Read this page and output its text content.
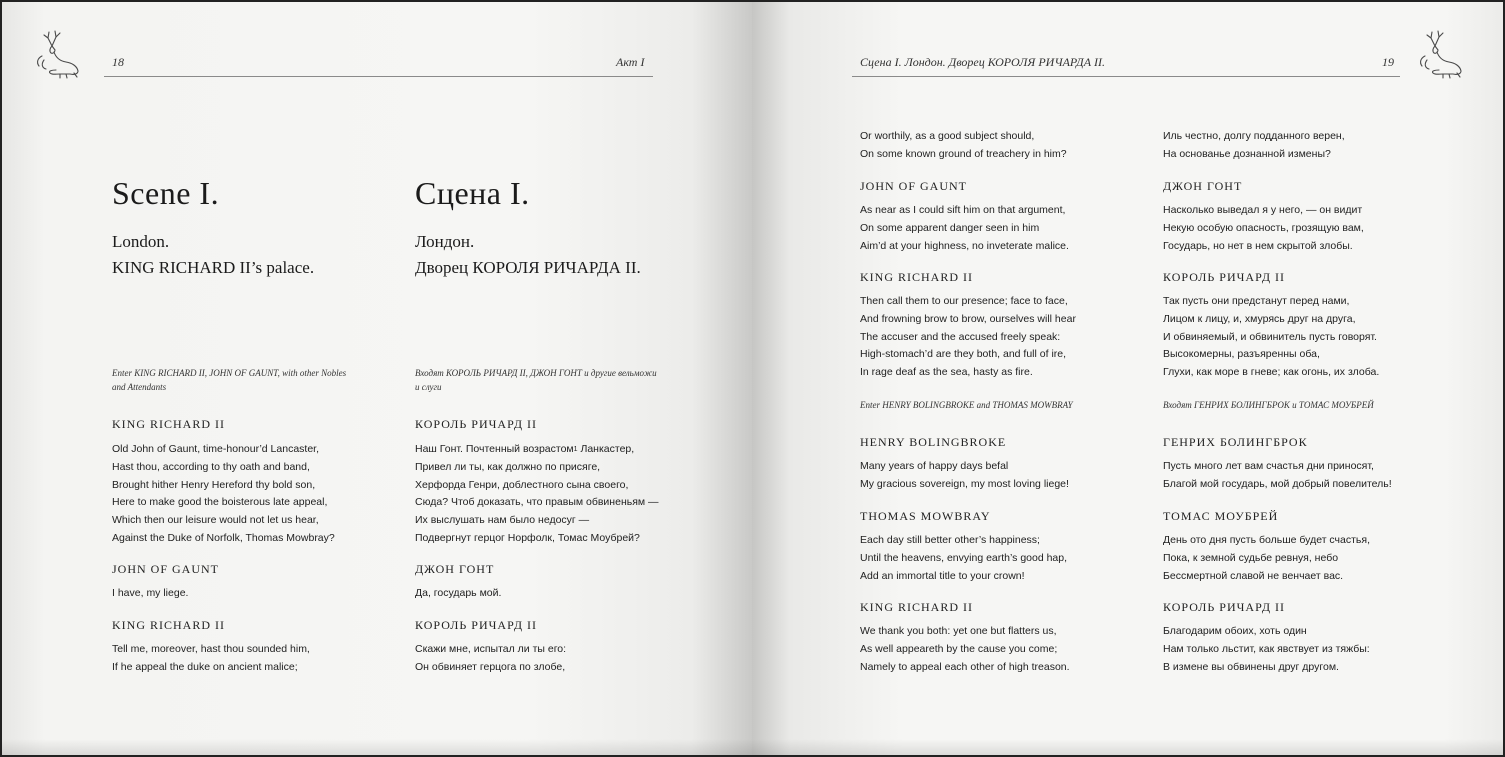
18	Акт I
Scene I.
London.
KING RICHARD II’s palace.
Enter KING RICHARD II, JOHN OF GAUNT, with other Nobles
and Attendants
KING RICHARD II
Old John of Gaunt, time-honour’d Lancaster,
Hast thou, according to thy oath and band,
Brought hither Henry Hereford thy bold son,
Here to make good the boisterous late appeal,
Which then our leisure would not let us hear,
Against the Duke of Norfolk, Thomas Mowbray?
JOHN OF GAUNT
I have, my liege.
KING RICHARD II
Tell me, moreover, hast thou sounded him,
If he appeal the duke on ancient malice;
Сцена I.
Лондон.
Дворец КОРОЛЯ РИЧАРДА II.
Входят КОРОЛЬ РИЧАРД II, ДЖОН ГОНТ и другие вельможи
и слуги
КОРОЛЬ РИЧАРД II
Наш Гонт. Почтенный возрастом$^1$ Ланкастер,
Привел ли ты, как должно по присяге,
Херфорда Генри, доблестного сына своего,
Сюда? Чтоб доказать, что правым обвиненьям —
Их выслушать нам было недосуг —
Подвергнут герцог Норфолк, Томас Моубрей?
ДЖОН ГОНТ
Да, государь мой.
КОРОЛЬ РИЧАРД II
Скажи мне, испытал ли ты его:
Он обвиняет герцога по злобе,
Сцена I. Лондон. Дворец КОРОЛЯ РИЧАРДА II.	19
Or worthily, as a good subject should,
On some known ground of treachery in him?
JOHN OF GAUNT
As near as I could sift him on that argument,
On some apparent danger seen in him
Aim’d at your highness, no inveterate malice.
KING RICHARD II
Then call them to our presence; face to face,
And frowning brow to brow, ourselves will hear
The accuser and the accused freely speak:
High-stomach’d are they both, and full of ire,
In rage deaf as the sea, hasty as fire.
Enter HENRY BOLINGBROKE and THOMAS MOWBRAY
HENRY BOLINGBROKE
Many years of happy days befal
My gracious sovereign, my most loving liege!
THOMAS MOWBRAY
Each day still better other’s happiness;
Until the heavens, envying earth’s good hap,
Add an immortal title to your crown!
KING RICHARD II
We thank you both: yet one but flatters us,
As well appeareth by the cause you come;
Namely to appeal each other of high treason.
Иль честно, долгу подданного верен,
На основанье дознанной измены?
ДЖОН ГОНТ
Насколько выведал я у него, — он видит
Некую особую опасность, грозящую вам,
Государь, но нет в нем скрытой злобы.
КОРОЛЬ РИЧАРД II
Так пусть они предстанут перед нами,
Лицом к лицу, и, хмурясь друг на друга,
И обвиняемый, и обвинитель пусть говорят.
Высокомерны, разъяренны оба,
Глухи, как море в гневе; как огонь, их злоба.
Входят ГЕНРИХ БОЛИНГБРОК и ТОМАС МОУБРЕЙ
ГЕНРИХ БОЛИНГБРОК
Пусть много лет вам счастья дни приносят,
Благой мой государь, мой добрый повелитель!
ТОМАС МОУБРЕЙ
День ото дня пусть больше будет счастья,
Пока, к земной судьбе ревнуя, небо
Бессмертной славой не венчает вас.
КОРОЛЬ РИЧАРД II
Благодарим обоих, хоть один
Нам только льстит, как явствует из тяжбы:
В измене вы обвинены друг другом.
